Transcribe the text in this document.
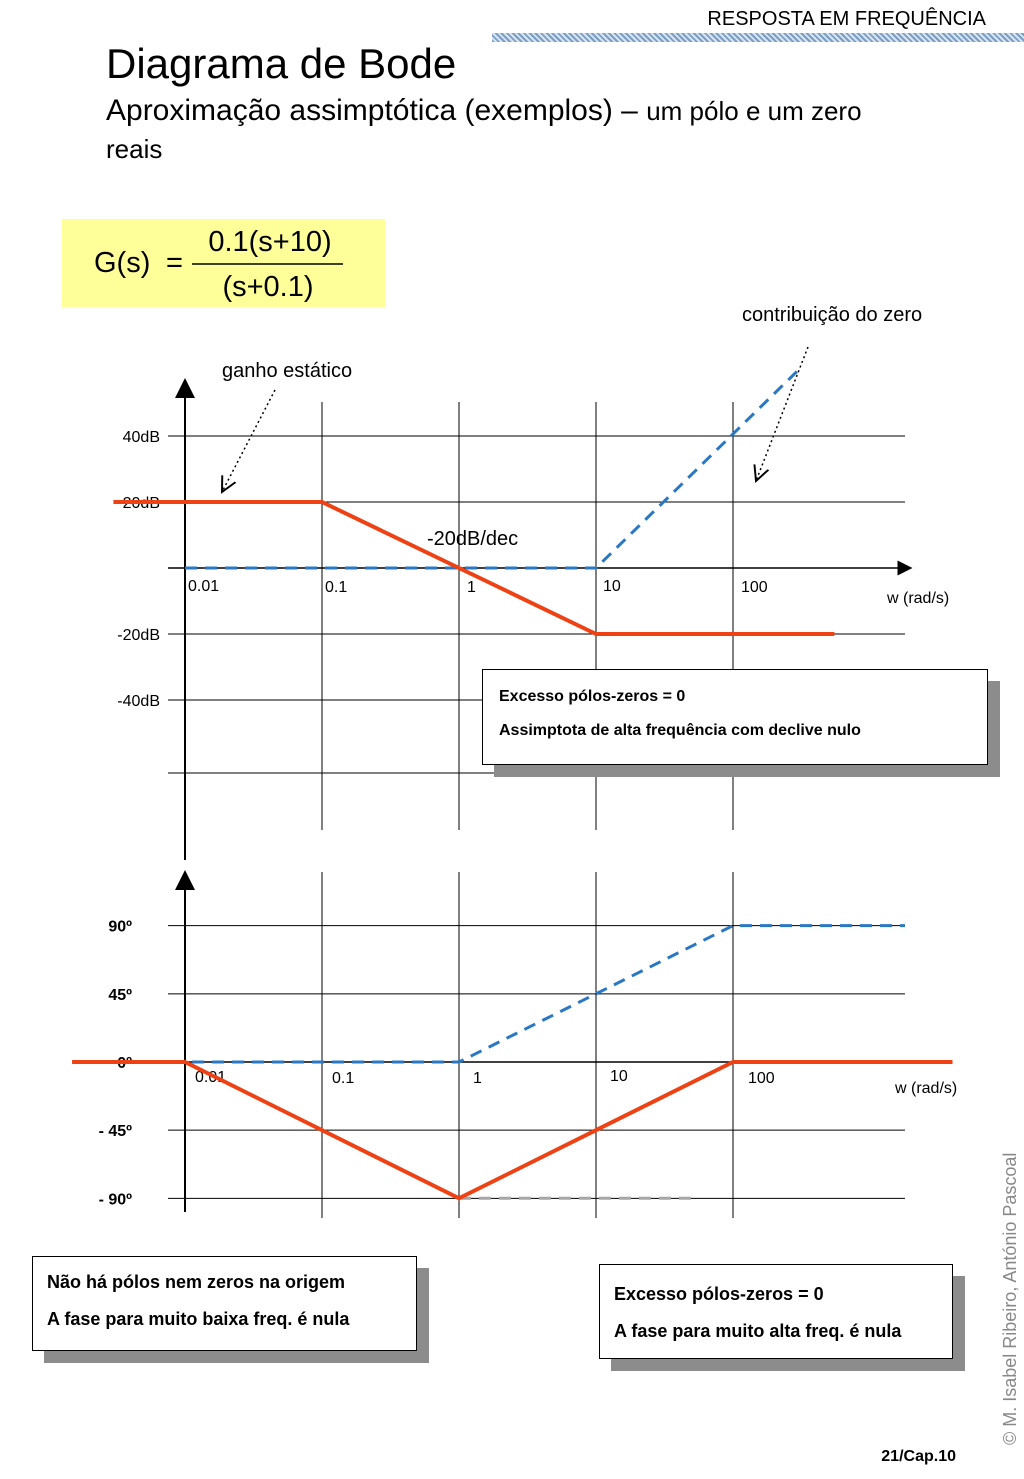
RESPOSTA EM FREQUÊNCIA
Diagrama de Bode
Aproximação assimptótica (exemplos) – um pólo e um zero reais
G(s) =
0.1(s+10)
(s+0.1)
40dB
20dB
-20dB
-40dB
0.01	0.1	1	10	100
w (rad/s)
90º
45º
0º
- 45º
- 90º
0.01	0.1	1	10	100
w (rad/s)
ganho estático
contribuição do zero
-20dB/dec
Excesso pólos-zeros = 0
Assimptota de alta frequência com declive nulo
Não há pólos nem zeros na origem
A fase para muito baixa freq. é nula
Excesso pólos-zeros = 0
A fase para muito alta freq. é nula	© M. Isabel Ribeiro, António Pascoal
21/Cap.10
